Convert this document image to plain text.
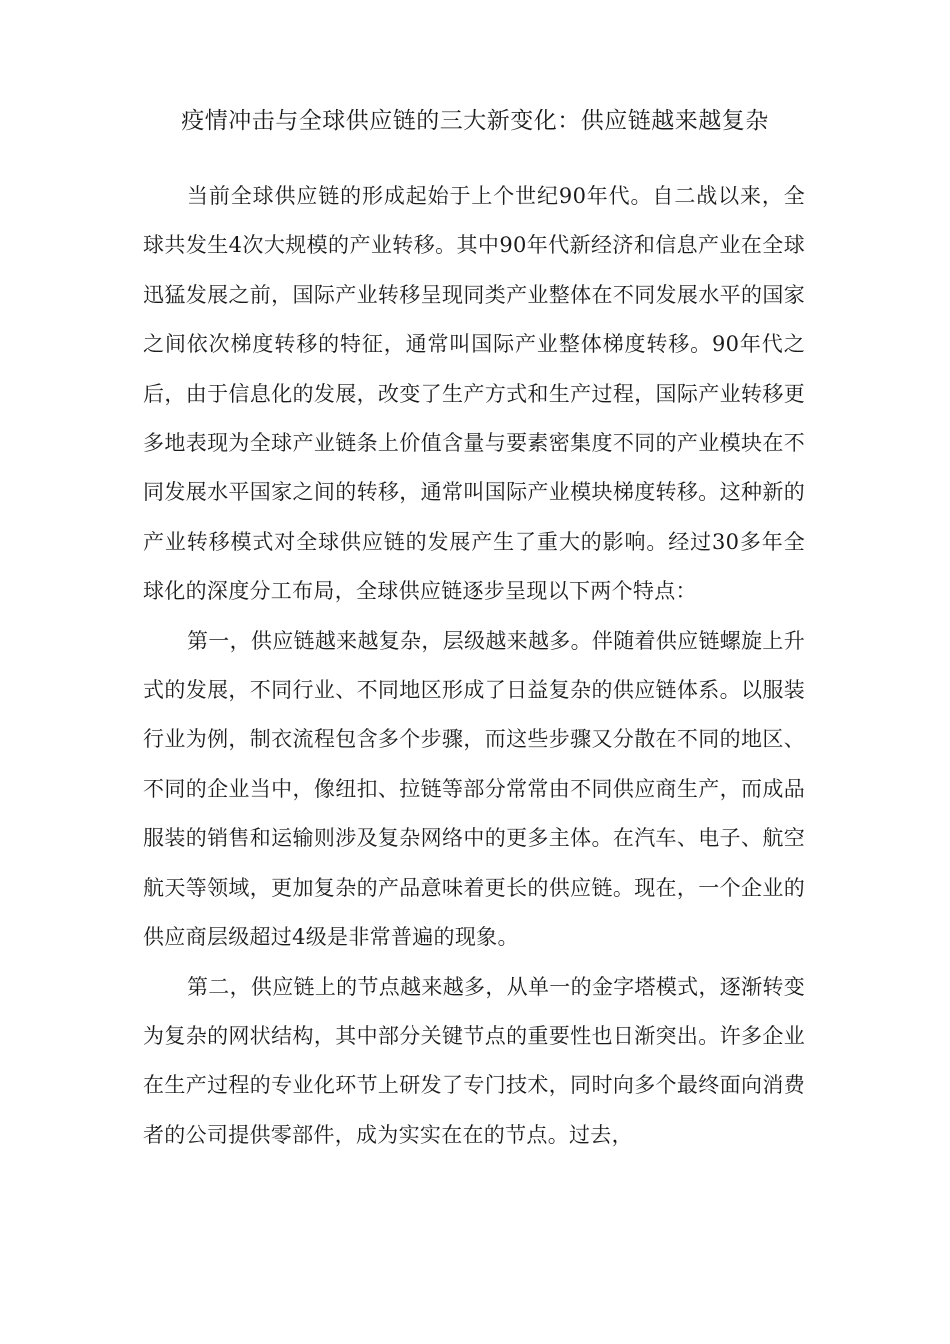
疫情冲击与全球供应链的三大新变化：供应链越来越复杂

当前全球供应链的形成起始于上个世纪90年代。自二战以来，全球共发生4次大规模的产业转移。其中90年代新经济和信息产业在全球迅猛发展之前，国际产业转移呈现同类产业整体在不同发展水平的国家之间依次梯度转移的特征，通常叫国际产业整体梯度转移。90年代之后，由于信息化的发展，改变了生产方式和生产过程，国际产业转移更多地表现为全球产业链条上价值含量与要素密集度不同的产业模块在不同发展水平国家之间的转移，通常叫国际产业模块梯度转移。这种新的产业转移模式对全球供应链的发展产生了重大的影响。经过30多年全球化的深度分工布局，全球供应链逐步呈现以下两个特点：

第一，供应链越来越复杂，层级越来越多。伴随着供应链螺旋上升式的发展，不同行业、不同地区形成了日益复杂的供应链体系。以服装行业为例，制衣流程包含多个步骤，而这些步骤又分散在不同的地区、不同的企业当中，像纽扣、拉链等部分常常由不同供应商生产，而成品服装的销售和运输则涉及复杂网络中的更多主体。在汽车、电子、航空航天等领域，更加复杂的产品意味着更长的供应链。现在，一个企业的供应商层级超过4级是非常普遍的现象。

第二，供应链上的节点越来越多，从单一的金字塔模式，逐渐转变为复杂的网状结构，其中部分关键节点的重要性也日渐突出。许多企业在生产过程的专业化环节上研发了专门技术，同时向多个最终面向消费者的公司提供零部件，成为实实在在的节点。过去，
